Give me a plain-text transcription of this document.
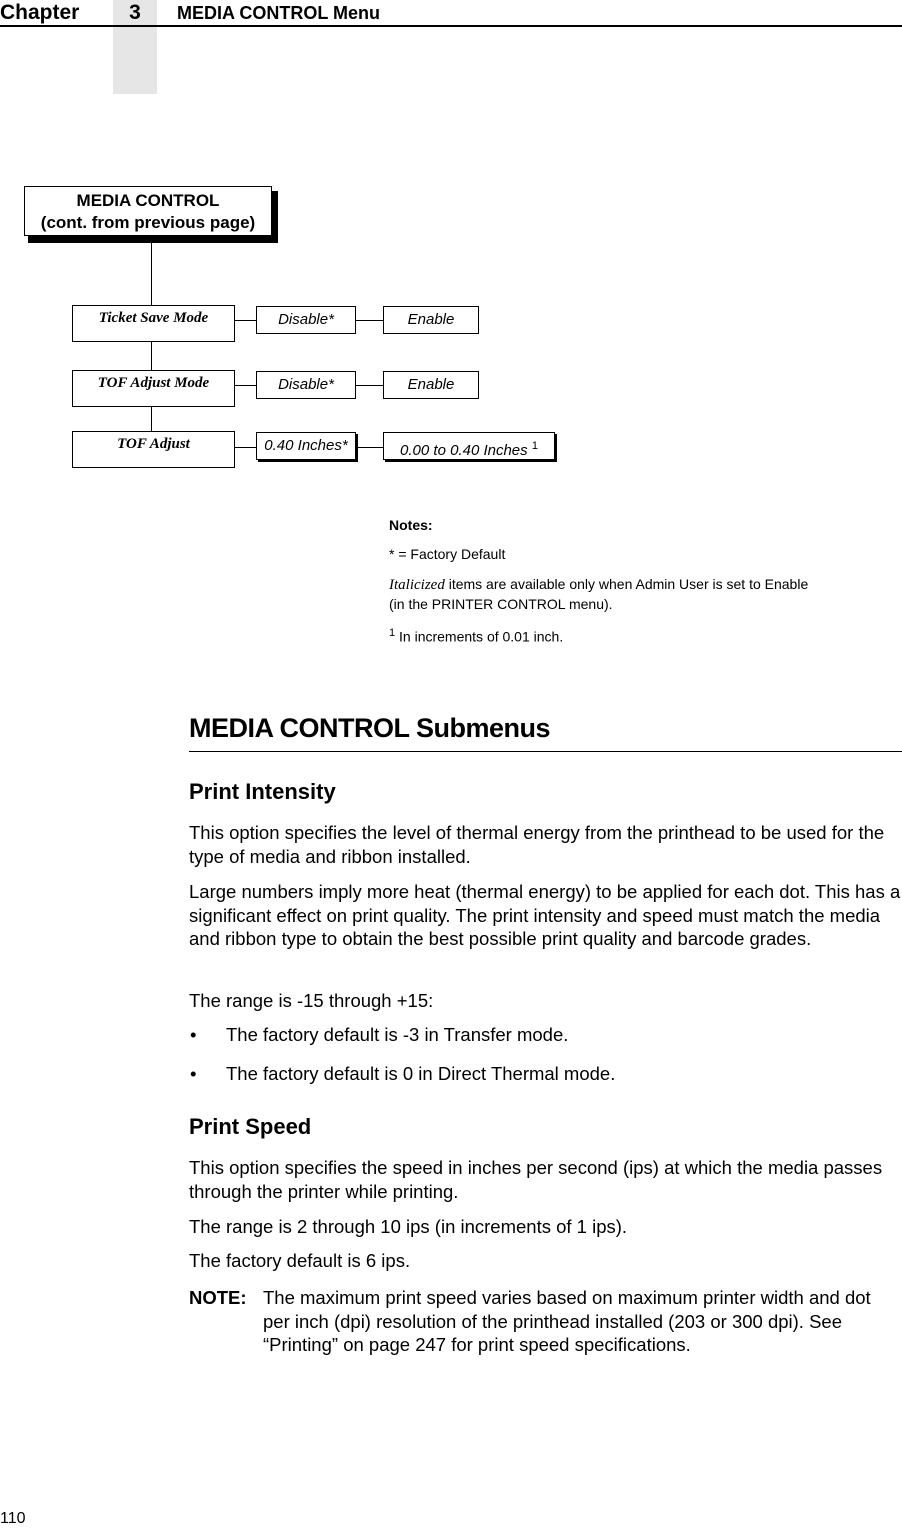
Chapter	3	MEDIA CONTROL Menu
MEDIA CONTROL
(cont. from previous page)
Ticket Save Mode	Disable*	Enable
TOF Adjust Mode	Disable*	Enable
TOF Adjust	0.40 Inches*	0.00 to 0.40 Inches $^1$
Notes:
* = Factory Default
Italicized items are available only when Admin User is set to Enable
(in the PRINTER CONTROL menu).
$^1$ In increments of 0.01 inch.
MEDIA CONTROL Submenus
Print Intensity
This option specifies the level of thermal energy from the printhead to be used for the type of media and ribbon installed.
Large numbers imply more heat (thermal energy) to be applied for each dot. This has a significant effect on print quality. The print intensity and speed must match the media and ribbon type to obtain the best possible print quality and barcode grades.
The range is -15 through +15:
• The factory default is -3 in Transfer mode.
• The factory default is 0 in Direct Thermal mode.
Print Speed
This option specifies the speed in inches per second (ips) at which the media passes through the printer while printing.
The range is 2 through 10 ips (in increments of 1 ips).
The factory default is 6 ips.
NOTE: The maximum print speed varies based on maximum printer width and dot per inch (dpi) resolution of the printhead installed (203 or 300 dpi). See “Printing” on page 247 for print speed specifications.
110
